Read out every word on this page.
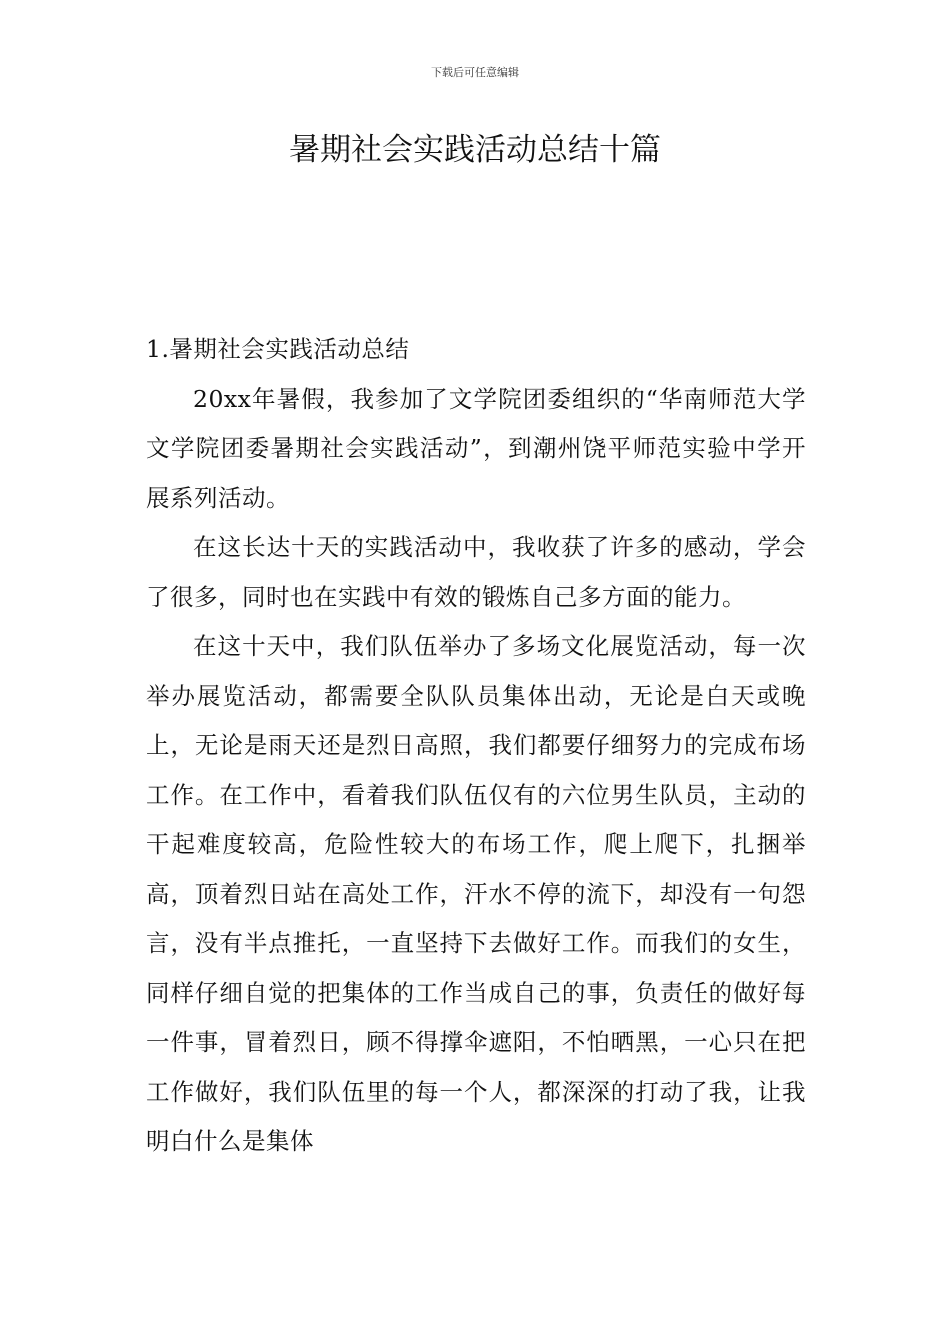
下载后可任意编辑
暑期社会实践活动总结十篇
1.暑期社会实践活动总结

20xx年暑假，我参加了文学院团委组织的“华南师范大学文学院团委暑期社会实践活动”，到潮州饶平师范实验中学开展系列活动。

在这长达十天的实践活动中，我收获了许多的感动，学会了很多，同时也在实践中有效的锻炼自己多方面的能力。

在这十天中，我们队伍举办了多场文化展览活动，每一次举办展览活动，都需要全队队员集体出动，无论是白天或晚上，无论是雨天还是烈日高照，我们都要仔细努力的完成布场工作。在工作中，看着我们队伍仅有的六位男生队员，主动的干起难度较高，危险性较大的布场工作，爬上爬下，扎捆举高，顶着烈日站在高处工作，汗水不停的流下，却没有一句怨言，没有半点推托，一直坚持下去做好工作。而我们的女生，同样仔细自觉的把集体的工作当成自己的事，负责任的做好每一件事，冒着烈日，顾不得撑伞遮阳，不怕晒黑，一心只在把工作做好，我们队伍里的每一个人，都深深的打动了我，让我明白什么是集体
